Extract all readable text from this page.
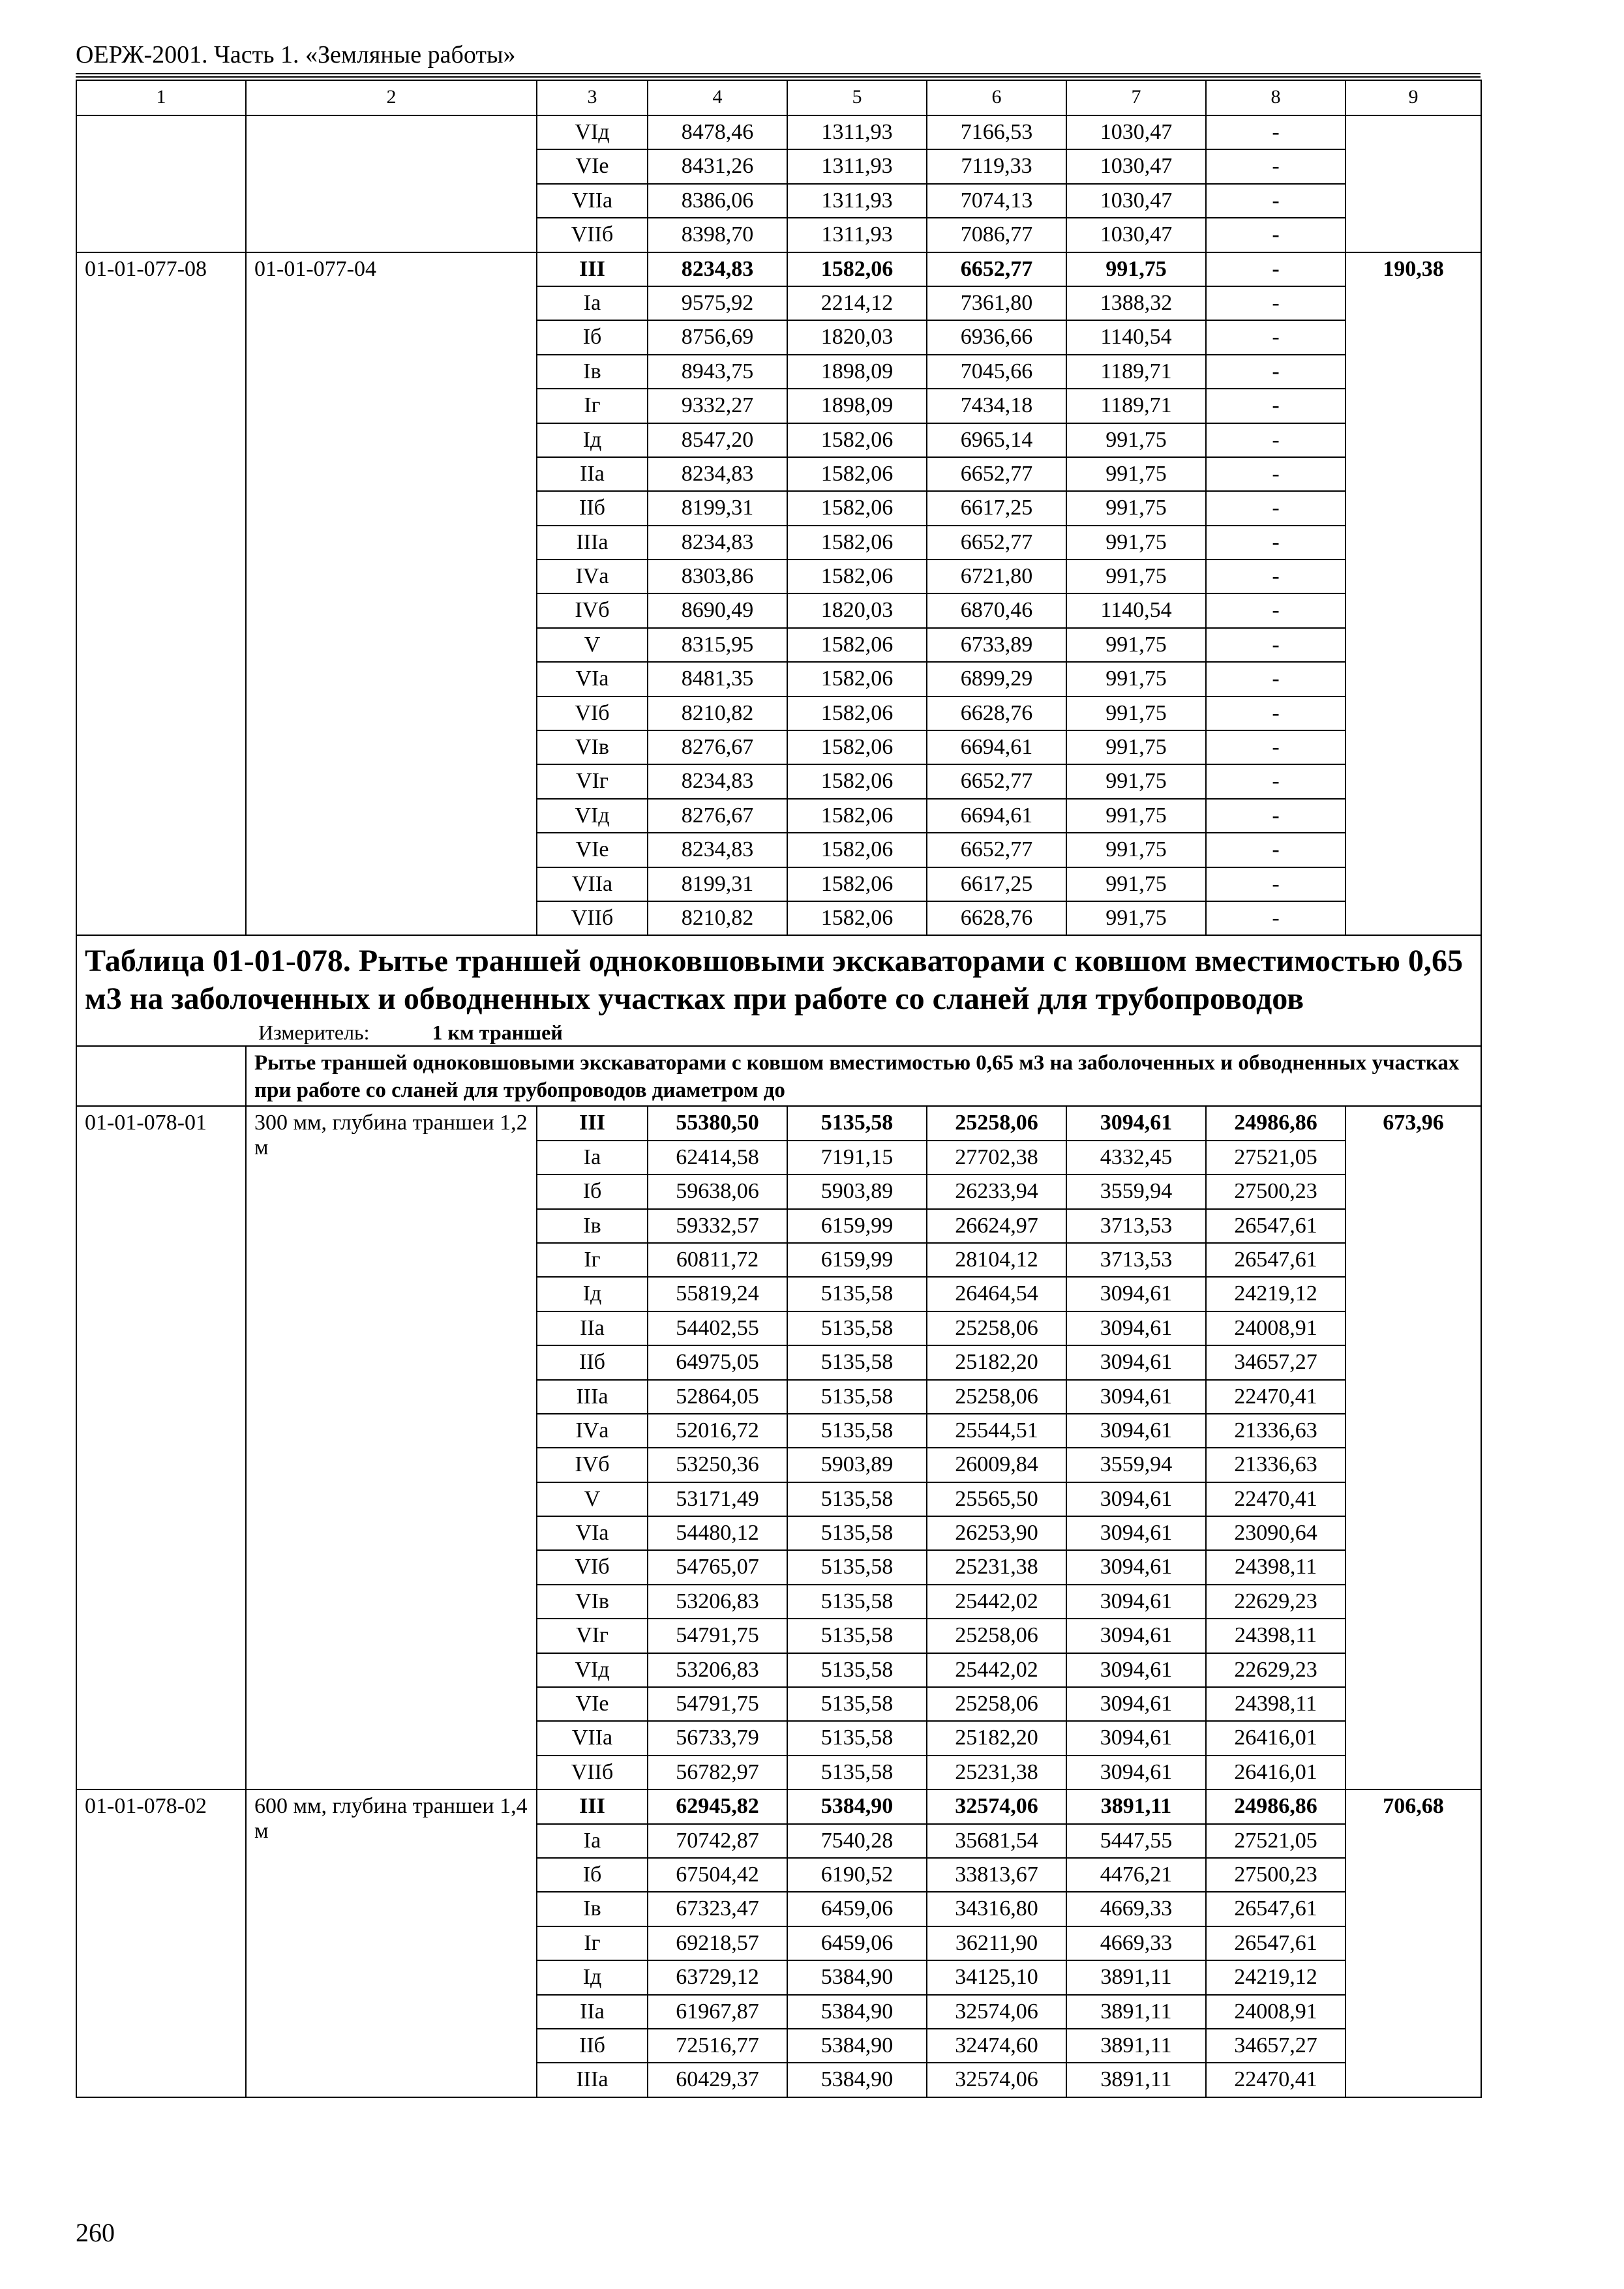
ОЕРЖ-2001. Часть 1. «Земляные работы»
1	2	3	4	5	6	7	8	9
		VIд	8478,46	1311,93	7166,53	1030,47	-	
		VIе	8431,26	1311,93	7119,33	1030,47	-	
		VIIа	8386,06	1311,93	7074,13	1030,47	-	
		VIIб	8398,70	1311,93	7086,77	1030,47	-	
01-01-077-08	01-01-077-04	III	8234,83	1582,06	6652,77	991,75	-	190,38
		Iа	9575,92	2214,12	7361,80	1388,32	-	
		Iб	8756,69	1820,03	6936,66	1140,54	-	
		Iв	8943,75	1898,09	7045,66	1189,71	-	
		Iг	9332,27	1898,09	7434,18	1189,71	-	
		Iд	8547,20	1582,06	6965,14	991,75	-	
		IIа	8234,83	1582,06	6652,77	991,75	-	
		IIб	8199,31	1582,06	6617,25	991,75	-	
		IIIа	8234,83	1582,06	6652,77	991,75	-	
		IVа	8303,86	1582,06	6721,80	991,75	-	
		IVб	8690,49	1820,03	6870,46	1140,54	-	
		V	8315,95	1582,06	6733,89	991,75	-	
		VIа	8481,35	1582,06	6899,29	991,75	-	
		VIб	8210,82	1582,06	6628,76	991,75	-	
		VIв	8276,67	1582,06	6694,61	991,75	-	
		VIг	8234,83	1582,06	6652,77	991,75	-	
		VIд	8276,67	1582,06	6694,61	991,75	-	
		VIе	8234,83	1582,06	6652,77	991,75	-	
		VIIа	8199,31	1582,06	6617,25	991,75	-	
		VIIб	8210,82	1582,06	6628,76	991,75	-	

Таблица 01-01-078. Рытье траншей одноковшовыми экскаваторами с ковшом вместимостью 0,65 м3 на заболоченных и обводненных участках при работе со сланей для трубопроводов
Измеритель: 1 км траншей								

	Рытье траншей одноковшовыми экскаваторами с ковшом вместимостью 0,65 м3 на заболоченных и обводненных участках при работе со сланей для трубопроводов диаметром до							
01-01-078-01	300 мм, глубина траншеи 1,2 м	III	55380,50	5135,58	25258,06	3094,61	24986,86	673,96
		Iа	62414,58	7191,15	27702,38	4332,45	27521,05	
		Iб	59638,06	5903,89	26233,94	3559,94	27500,23	
		Iв	59332,57	6159,99	26624,97	3713,53	26547,61	
		Iг	60811,72	6159,99	28104,12	3713,53	26547,61	
		Iд	55819,24	5135,58	26464,54	3094,61	24219,12	
		IIа	54402,55	5135,58	25258,06	3094,61	24008,91	
		IIб	64975,05	5135,58	25182,20	3094,61	34657,27	
		IIIа	52864,05	5135,58	25258,06	3094,61	22470,41	
		IVа	52016,72	5135,58	25544,51	3094,61	21336,63	
		IVб	53250,36	5903,89	26009,84	3559,94	21336,63	
		V	53171,49	5135,58	25565,50	3094,61	22470,41	
		VIа	54480,12	5135,58	26253,90	3094,61	23090,64	
		VIб	54765,07	5135,58	25231,38	3094,61	24398,11	
		VIв	53206,83	5135,58	25442,02	3094,61	22629,23	
		VIг	54791,75	5135,58	25258,06	3094,61	24398,11	
		VIд	53206,83	5135,58	25442,02	3094,61	22629,23	
		VIе	54791,75	5135,58	25258,06	3094,61	24398,11	
		VIIа	56733,79	5135,58	25182,20	3094,61	26416,01	
		VIIб	56782,97	5135,58	25231,38	3094,61	26416,01	
01-01-078-02	600 мм, глубина траншеи 1,4 м	III	62945,82	5384,90	32574,06	3891,11	24986,86	706,68
		Iа	70742,87	7540,28	35681,54	5447,55	27521,05	
		Iб	67504,42	6190,52	33813,67	4476,21	27500,23	
		Iв	67323,47	6459,06	34316,80	4669,33	26547,61	
		Iг	69218,57	6459,06	36211,90	4669,33	26547,61	
		Iд	63729,12	5384,90	34125,10	3891,11	24219,12	
		IIа	61967,87	5384,90	32574,06	3891,11	24008,91	
		IIб	72516,77	5384,90	32474,60	3891,11	34657,27	
		IIIа	60429,37	5384,90	32574,06	3891,11	22470,41	
260
